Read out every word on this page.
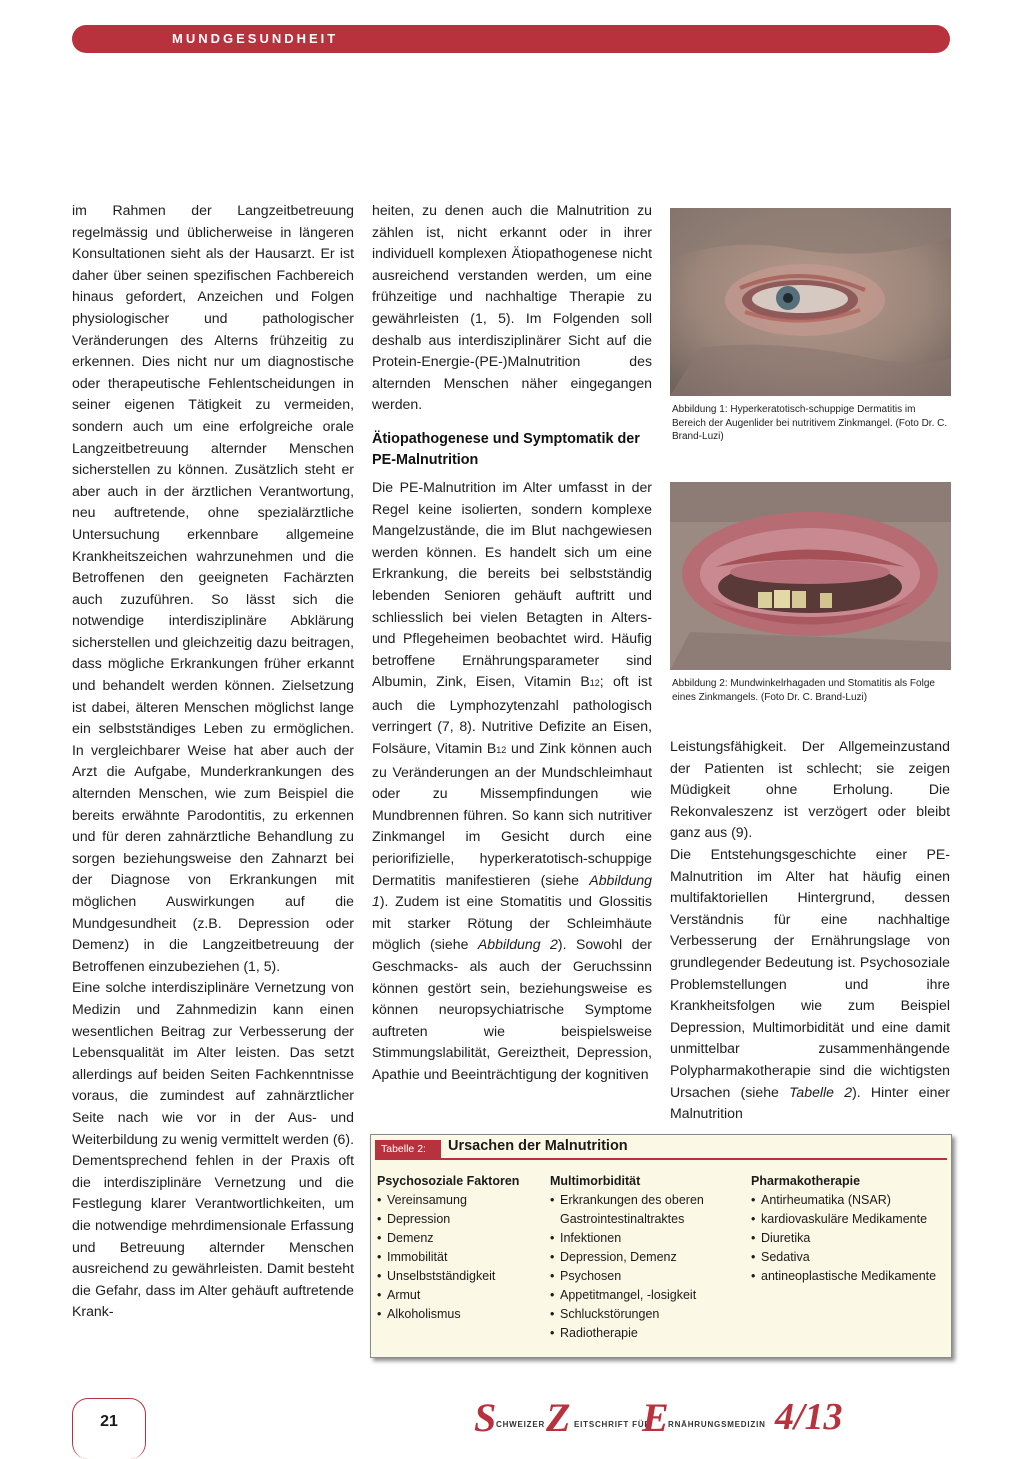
MUNDGESUNDHEIT

im Rahmen der Langzeitbetreuung regelmässig und üblicherweise in längeren Konsultationen sieht als der Hausarzt. Er ist daher über seinen spezifischen Fachbereich hinaus gefordert, Anzeichen und Folgen physiologischer und pathologischer Veränderungen des Alterns frühzeitig zu erkennen. Dies nicht nur um diagnostische oder therapeutische Fehlentscheidungen in seiner eigenen Tätigkeit zu vermeiden, sondern auch um eine erfolgreiche orale Langzeitbetreuung alternder Menschen sicherstellen zu können. Zusätzlich steht er aber auch in der ärztlichen Verantwortung, neu auftretende, ohne spezialärztliche Untersuchung erkennbare allgemeine Krankheitszeichen wahrzunehmen und die Betroffenen den geeigneten Fachärzten auch zuzuführen. So lässt sich die notwendige interdisziplinäre Abklärung sicherstellen und gleichzeitig dazu beitragen, dass mögliche Erkrankungen früher erkannt und behandelt werden können. Zielsetzung ist dabei, älteren Menschen möglichst lange ein selbstständiges Leben zu ermöglichen. In vergleichbarer Weise hat aber auch der Arzt die Aufgabe, Munderkrankungen des alternden Menschen, wie zum Beispiel die bereits erwähnte Parodontitis, zu erkennen und für deren zahnärztliche Behandlung zu sorgen beziehungsweise den Zahnarzt bei der Diagnose von Erkrankungen mit möglichen Auswirkungen auf die Mundgesundheit (z.B. Depression oder Demenz) in die Langzeitbetreuung der Betroffenen einzubeziehen (1, 5).

Eine solche interdisziplinäre Vernetzung von Medizin und Zahnmedizin kann einen wesentlichen Beitrag zur Verbesserung der Lebensqualität im Alter leisten. Das setzt allerdings auf beiden Seiten Fachkenntnisse voraus, die zumindest auf zahnärztlicher Seite nach wie vor in der Aus- und Weiterbildung zu wenig vermittelt werden (6). Dementsprechend fehlen in der Praxis oft die interdisziplinäre Vernetzung und die Festlegung klarer Verantwortlichkeiten, um die notwendige mehrdimensionale Erfassung und Betreuung alternder Menschen ausreichend zu gewährleisten. Damit besteht die Gefahr, dass im Alter gehäuft auftretende Krank-

heiten, zu denen auch die Malnutrition zu zählen ist, nicht erkannt oder in ihrer individuell komplexen Ätiopathogenese nicht ausreichend verstanden werden, um eine frühzeitige und nachhaltige Therapie zu gewährleisten (1, 5). Im Folgenden soll deshalb aus interdisziplinärer Sicht auf die Protein-Energie-(PE-)Malnutrition des alternden Menschen näher eingegangen werden.

Ätiopathogenese und Symptomatik der PE-Malnutrition

Die PE-Malnutrition im Alter umfasst in der Regel keine isolierten, sondern komplexe Mangelzustände, die im Blut nachgewiesen werden können. Es handelt sich um eine Erkrankung, die bereits bei selbstständig lebenden Senioren gehäuft auftritt und schliesslich bei vielen Betagten in Alters- und Pflegeheimen beobachtet wird. Häufig betroffene Ernährungsparameter sind Albumin, Zink, Eisen, Vitamin B12; oft ist auch die Lymphozytenzahl pathologisch verringert (7, 8). Nutritive Defizite an Eisen, Folsäure, Vitamin B12 und Zink können auch zu Veränderungen an der Mundschleimhaut oder zu Missempfindungen wie Mundbrennen führen. So kann sich nutritiver Zinkmangel im Gesicht durch eine periorifizielle, hyperkeratotisch-schuppige Dermatitis manifestieren (siehe Abbildung 1). Zudem ist eine Stomatitis und Glossitis mit starker Rötung der Schleimhäute möglich (siehe Abbildung 2). Sowohl der Geschmacks- als auch der Geruchssinn können gestört sein, beziehungsweise es können neuropsychiatrische Symptome auftreten wie beispielsweise Stimmungslabilität, Gereiztheit, Depression, Apathie und Beeinträchtigung der kognitiven

Abbildung 1: Hyperkeratotisch-schuppige Dermatitis im Bereich der Augenlider bei nutritivem Zinkmangel. (Foto Dr. C. Brand-Luzi)
Abbildung 2: Mundwinkelrhagaden und Stomatitis als Folge eines Zinkmangels. (Foto Dr. C. Brand-Luzi)

Leistungsfähigkeit. Der Allgemeinzustand der Patienten ist schlecht; sie zeigen Müdigkeit ohne Erholung. Die Rekonvaleszenz ist verzögert oder bleibt ganz aus (9).

Die Entstehungsgeschichte einer PE-Malnutrition im Alter hat häufig einen multifaktoriellen Hintergrund, dessen Verständnis für eine nachhaltige Verbesserung der Ernährungslage von grundlegender Bedeutung ist. Psychosoziale Problemstellungen und ihre Krankheitsfolgen wie zum Beispiel Depression, Multimorbidität und eine damit unmittelbar zusammenhängende Polypharmakotherapie sind die wichtigsten Ursachen (siehe Tabelle 2). Hinter einer Malnutrition

Tabelle 2:	Ursachen der Malnutrition
Psychosoziale Faktoren
• Vereinsamung
• Depression
• Demenz
• Immobilität
• Unselbstständigkeit
• Armut
• Alkoholismus
Multimorbidität
• Erkrankungen des oberen Gastrointestinaltraktes
• Infektionen
• Depression, Demenz
• Psychosen
• Appetitmangel, -losigkeit
• Schluckstörungen
• Radiotherapie
Pharmakotherapie
• Antirheumatika (NSAR)
• kardiovaskuläre Medikamente
• Diuretika
• Sedativa
• antineoplastische Medikamente
21	S CHWEIZER Z EITSCHRIFT FÜR
E RNÄHRUNGSMEDIZIN 4/13
